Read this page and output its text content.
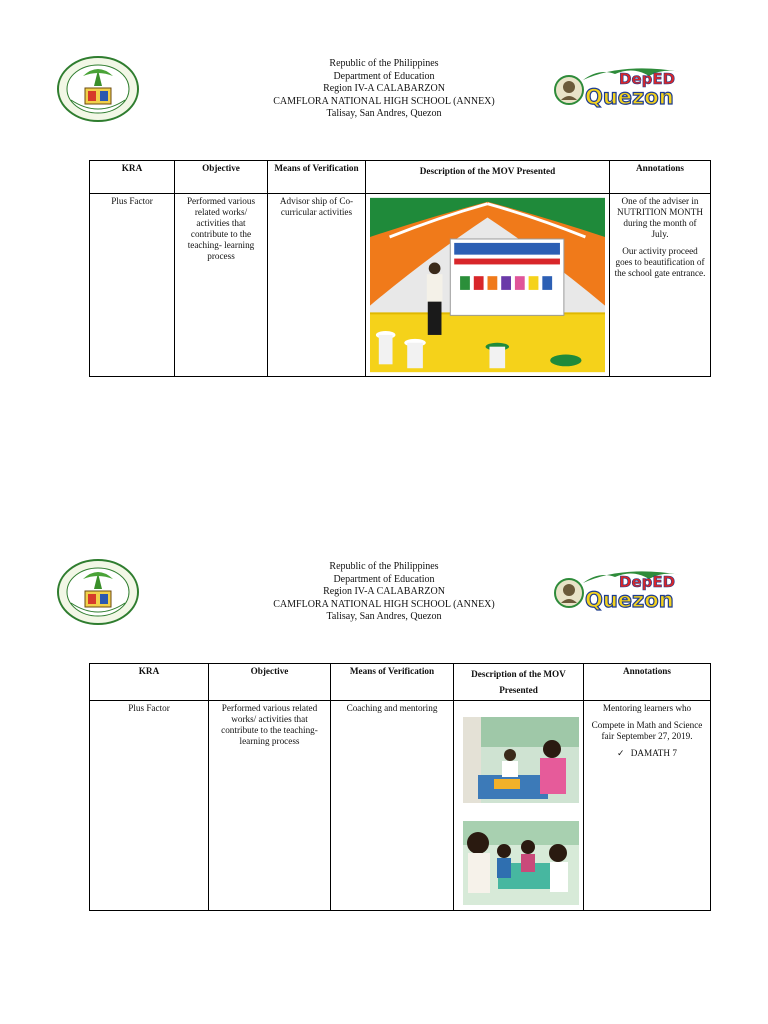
Republic of the Philippines
Department of Education
Region IV-A CALABARZON
CAMFLORA NATIONAL HIGH SCHOOL (ANNEX)
Talisay, San Andres, Quezon
DepED
Quezon
KRA	Objective	Means of Verification	Description of the MOV Presented	Annotations
Plus Factor	Performed various related works/ activities that contribute to the teaching- learning process	Advisor ship of Co-curricular activities		One of the adviser in NUTRITION MONTH during the month of July.

Our activity proceed goes to beautification of the school gate entrance.

Republic of the Philippines
Department of Education
Region IV-A CALABARZON
CAMFLORA NATIONAL HIGH SCHOOL (ANNEX)
Talisay, San Andres, Quezon
DepED
Quezon
KRA	Objective	Means of Verification	Description of the MOV Presented	Annotations
Plus Factor	Performed various related works/ activities that contribute to the teaching-learning process	Coaching and mentoring		Mentoring learners who

Compete in Math and Science fair September 27, 2019.

✓ DAMATH 7
